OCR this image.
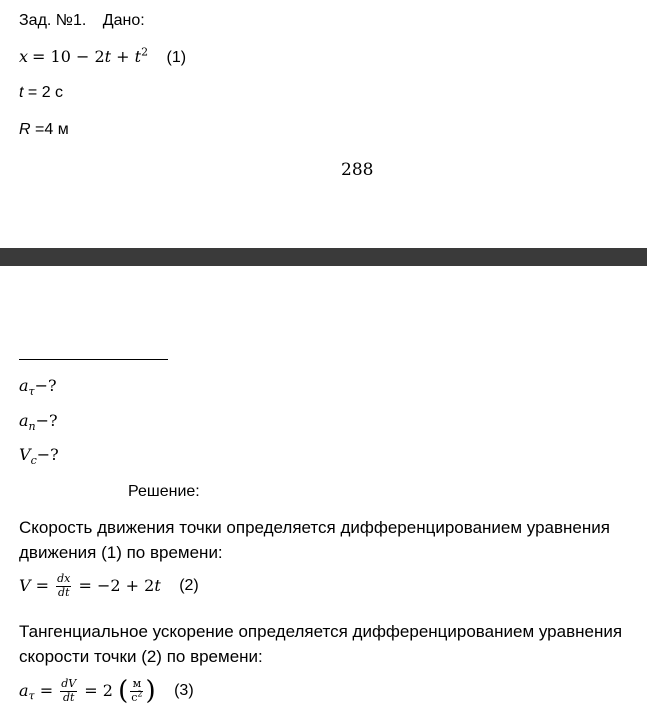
Зад. №1. Дано:
$x = 10 - 2t + t^2$ (1)
t = 2 с
R =4 м
288
$a_\tau-$?
$a_n-$?
$V_c-$?
Решение:
Скорость движения точки определяется дифференцированием уравнения
движения (1) по времени:
$V = \frac{dx}{dt} = -2 + 2t$ (2)
Тангенциальное ускорение определяется дифференцированием уравнения
скорости точки (2) по времени:
$a_\tau = \frac{dV}{dt} = 2$ ( $\frac{м}{с^2}$ ) (3)
